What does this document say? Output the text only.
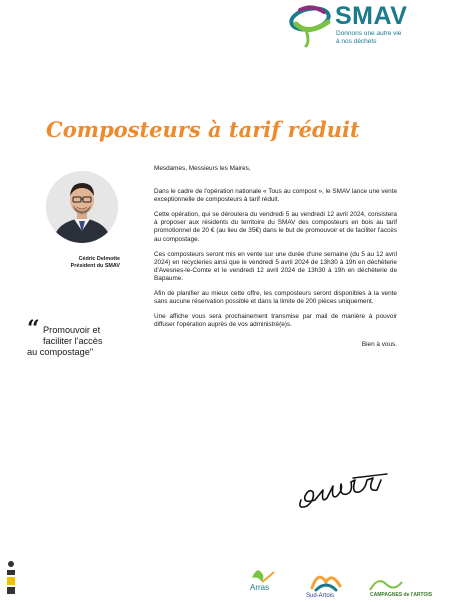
SMAV
Donnons une autre vie
à nos déchets
Composteurs à tarif réduit
Cédric Delmotte
Président du SMAV
“ Promouvoir et
faciliter l'accès
au compostage"

Mesdames, Messieurs les Maires,

Dans le cadre de l'opération nationale « Tous au compost », le SMAV lance une vente exceptionnelle de composteurs à tarif réduit.

Cette opération, qui se déroulera du vendredi 5 au vendredi 12 avril 2024, consistera à proposer aux résidents du territoire du SMAV des composteurs en bois au tarif promotionnel de 20 € (au lieu de 35€) dans le but de promouvoir et de faciliter l'accès au compostage.

Ces composteurs seront mis en vente sur une durée d'une semaine (du 5 au 12 avril 2024) en recycleries ainsi que le vendredi 5 avril 2024 de 13h30 à 19h en déchèterie d'Avesnes-le-Comte et le vendredi 12 avril 2024 de 13h30 à 19h en déchèterie de Bapaume.

Afin de planifier au mieux cette offre, les composteurs seront disponibles à la vente sans aucune réservation possible et dans la limite de 200 pièces uniquement.

Une affiche vous sera prochainement transmise par mail de manière à pouvoir diffuser l'opération auprès de vos administré(e)s.

Bien à vous.

Arras
Sud-Artois	CAMPAGNES de l'ARTOIS
